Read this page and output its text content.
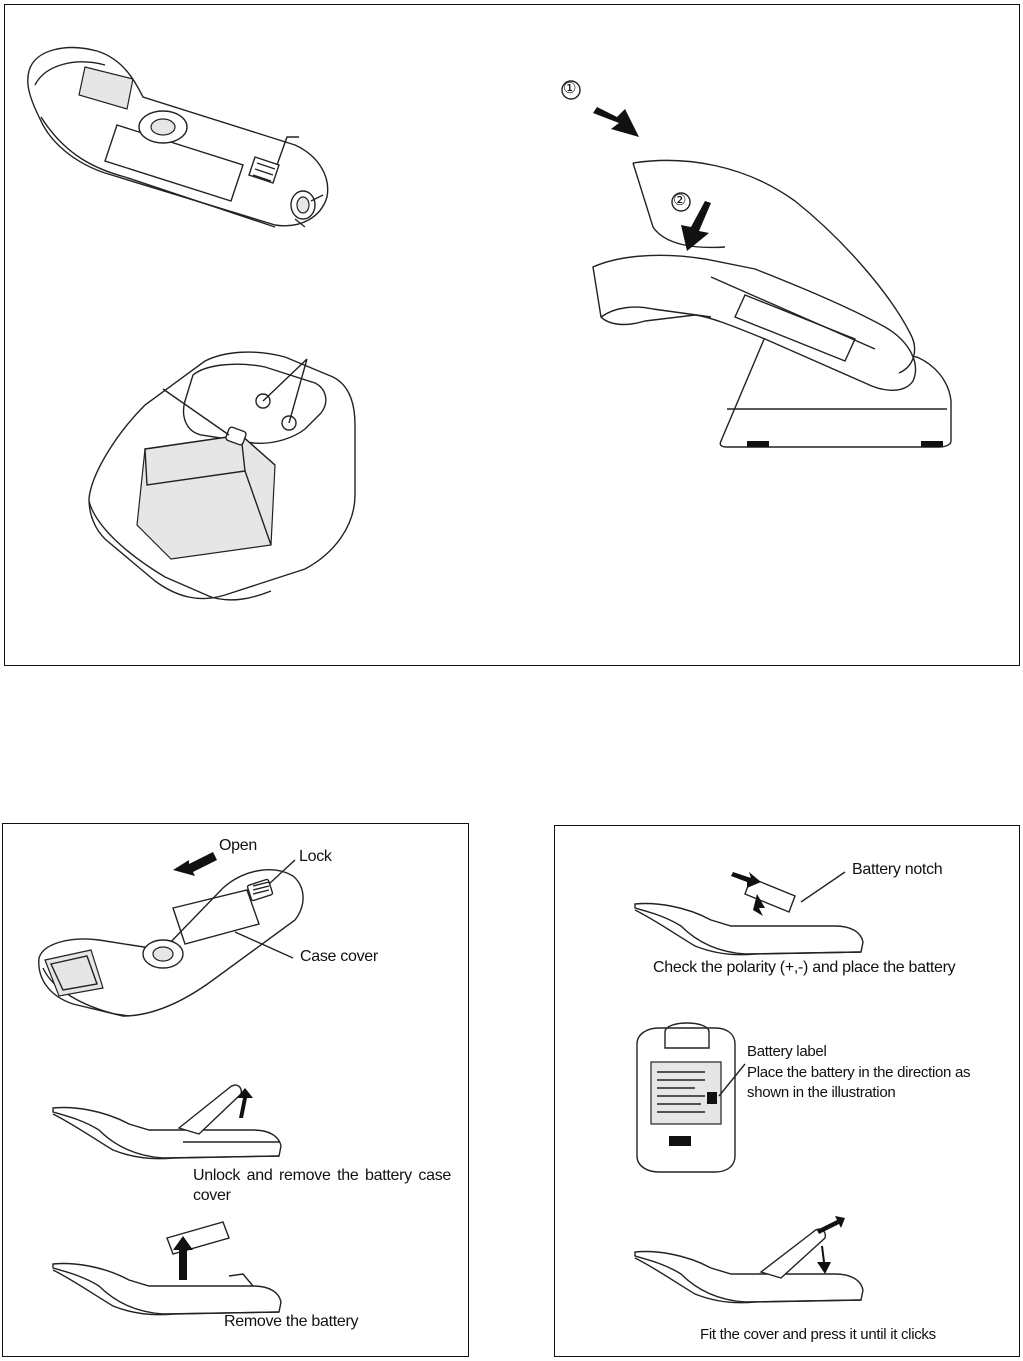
①
②
Open
Lock
Case cover
Unlock and remove the battery case cover
Remove the battery
Battery notch
Check the polarity (+,-) and place the battery
Battery label
Place the battery in the direction as shown in the illustration
Fit the cover and press it until it clicks
